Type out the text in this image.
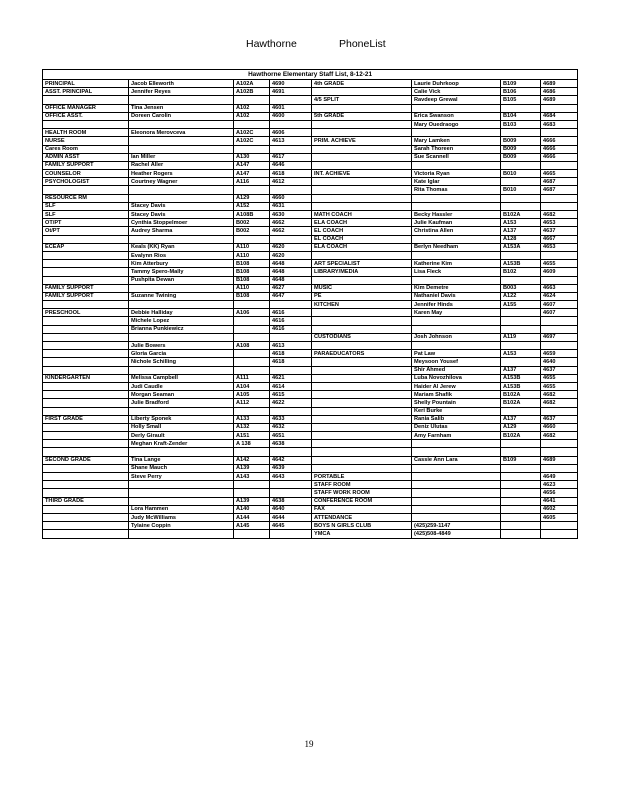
Hawthorne	PhoneList
Hawthorne Elementary Staff List, 8-12-21							
PRINCIPAL	Jacob Elleworth	A102A	4690	4th GRADE	Laurie Duhrkoop	B109	4689
ASST. PRINCIPAL	Jennifer Reyes	A102B	4691		Calie Vick	B106	4686
				4/5 SPLIT	Ravdeep Grewal	B105	4689
OFFICE MANAGER	Tina Jensen	A102	4601				
OFFICE ASST.	Doreen Carolin	A102	4600	5th GRADE	Erica Swanson	B104	4684
					Mary Ouedraogo	B103	4683
HEALTH ROOM	Eleonora Merovceva	A102C	4606				
NURSE		A102C	4613	PRIM. ACHIEVE	Mary Lamken	B009	4666
Cares Room					Sarah Thoreen	B009	4666
ADMIN ASST	Ian Miller	A130	4617		Sue Scannell	B009	4666
FAMILY SUPPORT	Rachel Aller	A147	4646				
COUNSELOR	Heather Rogers	A147	4618	INT. ACHIEVE	Victoria Ryan	B010	4665
PSYCHOLOGIST	Courtney Wagner	A116	4612		Kate Iglar		4687
					Rita Thomas	B010	4687
RESOURCE RM		A129	4660				
SLF	Stacey Davis	A152	4631				
SLF	Stacey Davis	A108B	4630	MATH COACH	Becky Hassler	B102A	4682
OT/PT	Cynthia Stoppelmoer	B002	4662	ELA COACH	Julie Kaufman	A153	4653
Ot/PT	Audrey Sharma	B002	4662	EL COACH	Christina Allen	A137	4637
				EL COACH		A128	4667
ECEAP	Keals (KK) Ryan	A110	4620	ELA COACH	Berlyn Needham	A153A	4653
	Evalynn Rios	A110	4620				
	Kim Atterbury	B108	4648	ART SPECIALIST	Katherine Kim	A153B	4655
	Tammy Spero-Mally	B108	4648	LIBRARY/MEDIA	Lisa Fleck	B102	4609
	Pushpita Dewan	B108	4648				
FAMILY SUPPORT		A110	4627	MUSIC	Kim Demetre	B003	4663
FAMILY SUPPORT	Suzanne Twining	B108	4647	PE	Nathaniel Davis	A122	4624
				KITCHEN	Jennifer Hinds	A155	4607
PRESCHOOL	Debbie Halliday	A106	4616		Karen May		4607
	Michele Lopez		4616				
	Brianna Punkiewicz		4616				
				CUSTODIANS	Josh Johnson	A119	4697
	Julie Bowers	A108	4613				
	Gloria Garcia		4618	PARAEDUCATORS	Pat Law	A153	4659
	Nichole Schilling		4618		Meysoon Yousef		4640
					Shir Ahmed	A137	4637
KINDERGARTEN	Melissa Campbell	A111	4621		Luba Novozhilova	A153B	4655
	Judi Caudle	A104	4614		Haider Al Jerew	A153B	4655
	Morgan Seaman	A105	4615		Mariam Shafik	B102A	4682
	Julie Bradford	A112	4622		Shelly Pountain	B102A	4682
					Keri Burke		
FIRST GRADE	Liberty Sponek	A133	4633		Rania Salib	A137	4637
	Holly Small	A132	4632		Deniz Ulutas	A129	4660
	Derly Girault	A151	4651		Amy Farnham	B102A	4682
	Meghan Kraft-Zender	A 138	4638				

SECOND GRADE	Tina Lange	A142	4642		Cassie Ann Lara	B109	4689
	Shane Mauch	A139	4639				
	Steve Perry	A143	4643	PORTABLE			4649
				STAFF ROOM			4623
				STAFF WORK ROOM			4656
THIRD GRADE		A139	4638	CONFERENCE ROOM			4641
	Lora Hammen	A140	4640	FAX			4602
	Judy McWilliams	A144	4644	ATTENDANCE			4605
	Tylaine Coppin	A145	4645	BOYS N GIRLS CLUB	(425)259-1147		
				YMCA	(425)508-4849		
19
